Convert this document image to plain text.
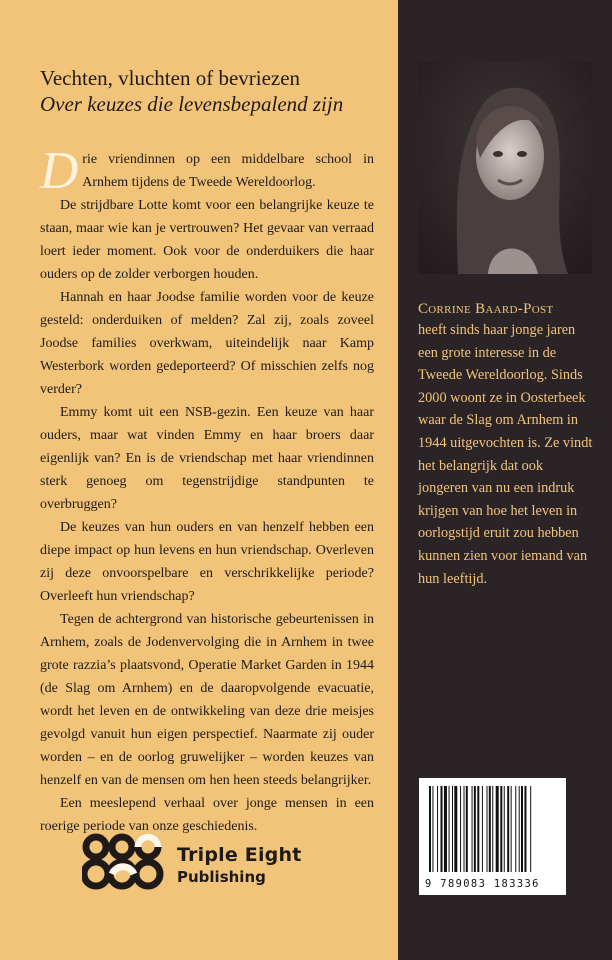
Vechten, vluchten of bevriezen
Over keuzes die levensbepalend zijn

Drie vriendinnen op een middelbare school in Arnhem tijdens de Tweede Wereldoorlog.

De strijdbare Lotte komt voor een belangrijke keuze te staan, maar wie kan je vertrouwen? Het gevaar van verraad loert ieder moment. Ook voor de onderduikers die haar ouders op de zolder verborgen houden.

Hannah en haar Joodse familie worden voor de keuze gesteld: onderduiken of melden? Zal zij, zoals zoveel Joodse families overkwam, uiteindelijk naar Kamp Westerbork worden gedeporteerd? Of misschien zelfs nog verder?

Emmy komt uit een NSB-gezin. Een keuze van haar ouders, maar wat vinden Emmy en haar broers daar eigenlijk van? En is de vriendschap met haar vriendinnen sterk genoeg om tegenstrijdige standpunten te overbruggen?

De keuzes van hun ouders en van henzelf hebben een diepe impact op hun levens en hun vriendschap. Overleven zij deze onvoorspelbare en verschrikkelijke periode? Overleeft hun vriendschap?

Tegen de achtergrond van historische gebeurtenissen in Arnhem, zoals de Jodenvervolging die in Arnhem in twee grote razzia’s plaatsvond, Operatie Market Garden in 1944 (de Slag om Arnhem) en de daaropvolgende evacuatie, wordt het leven en de ontwikkeling van deze drie meisjes gevolgd vanuit hun eigen perspectief. Naarmate zij ouder worden – en de oorlog gruwelijker – worden keuzes van henzelf en van de mensen om hen heen steeds belangrijker.

Een meeslepend verhaal over jonge mensen in een roerige periode van onze geschiedenis.

Triple Eight
Publishing
Corrine Baard-Post
heeft sinds haar jonge jaren een grote interesse in de Tweede Wereldoorlog. Sinds 2000 woont ze in Oosterbeek waar de Slag om Arnhem in 1944 uitgevochten is. Ze vindt het belangrijk dat ook jongeren van nu een indruk krijgen van hoe het leven in oorlogstijd eruit zou hebben kunnen zien voor iemand van hun leeftijd.
9 789083 183336
